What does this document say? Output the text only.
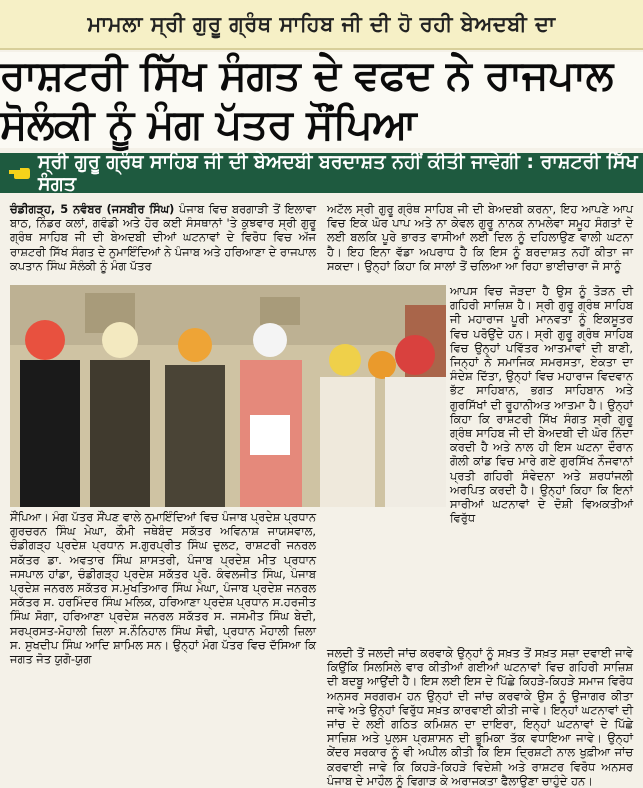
ਮਾਮਲਾ ਸ੍ਰੀ ਗੁਰੂ ਗ੍ਰੰਥ ਸਾਹਿਬ ਜੀ ਦੀ ਹੋ ਰਹੀ ਬੇਅਦਬੀ ਦਾ
ਰਾਸ਼ਟਰੀ ਸਿੱਖ ਸੰਗਤ ਦੇ ਵਫਦ ਨੇ ਰਾਜਪਾਲ ਸੋਲੰਕੀ ਨੂੰ ਮੰਗ ਪੱਤਰ ਸੌਂਪਿਆ
ਸ੍ਰੀ ਗੁਰੂ ਗ੍ਰੰਥ ਸਾਹਿਬ ਜੀ ਦੀ ਬੇਅਦਬੀ ਬਰਦਾਸ਼ਤ ਨਹੀਂ ਕੀਤੀ ਜਾਵੇਗੀ : ਰਾਸ਼ਟਰੀ ਸਿੱਖ ਸੰਗਤ
ਚੰਡੀਗੜ੍ਹ, 5 ਨਵੰਬਰ (ਜਸਬੀਰ ਸਿੰਘ) ਪੰਜਾਬ ਵਿਚ ਬਰਗਾੜੀ ਤੋਂ ਇਲਾਵਾ ਬਾਠ, ਨਿੰਡਰ ਕਲਾਂ, ਗਵੰਡੀ ਅਤੇ ਹੋਰ ਕਈ ਸੰਸਥਾਨਾਂ 'ਤੇ ਕੁਝਵਾਰ ਸ੍ਰੀ ਗੁਰੂ ਗ੍ਰੰਥ ਸਾਹਿਬ ਜੀ ਦੀ ਬੇਅਦਬੀ ਦੀਆਂ ਘਟਨਾਵਾਂ ਦੇ ਵਿਰੋਧ ਵਿਚ ਅੱਜ ਰਾਸ਼ਟਰੀ ਸਿੱਖ ਸੰਗਤ ਦੇ ਨੁਮਾਇੰਦਿਆਂ ਨੇ ਪੰਜਾਬ ਅਤੇ ਹਰਿਆਣਾ ਦੇ ਰਾਜਪਾਲ ਕਪਤਾਨ ਸਿੰਘ ਸੋਲੰਕੀ ਨੂੰ ਮੰਗ ਪੱਤਰ
ਅਟੱਲ ਸ੍ਰੀ ਗੁਰੂ ਗ੍ਰੰਥ ਸਾਹਿਬ ਜੀ ਦੀ ਬੇਅਦਬੀ ਕਰਨਾ, ਇਹ ਆਪਣੇ ਆਪ ਵਿਚ ਇਕ ਘੋਰ ਪਾਪ ਅਤੇ ਨਾ ਕੇਵਲ ਗੁਰੂ ਨਾਨਕ ਨਾਮਲੇਵਾ ਸਮੂਹ ਸੰਗਤਾਂ ਦੇ ਲਈ ਬਲਕਿ ਪੂਰੇ ਭਾਰਤ ਵਾਸੀਆਂ ਲਈ ਦਿਲ ਨੂੰ ਦਹਿਲਾਉਣ ਵਾਲੀ ਘਟਨਾ ਹੈ। ਇਹ ਇਨਾ ਵੱਡਾ ਅਪਰਾਧ ਹੈ ਕਿ ਇਸ ਨੂੰ ਬਰਦਾਸ਼ਤ ਨਹੀਂ ਕੀਤਾ ਜਾ ਸਕਦਾ। ਉਨ੍ਹਾਂ ਕਿਹਾ ਕਿ ਸਾਲਾਂ ਤੋਂ ਚਲਿਆ ਆ ਰਿਹਾ ਭਾਈਚਾਰਾ ਜੋ ਸਾਨੂੰ
ਆਪਸ ਵਿਚ ਜੋੜਦਾ ਹੈ ਉਸ ਨੂੰ ਤੋੜਨ ਦੀ ਗਹਿਰੀ ਸਾਜ਼ਿਸ਼ ਹੈ। ਸ੍ਰੀ ਗੁਰੂ ਗ੍ਰੰਥ ਸਾਹਿਬ ਜੀ ਮਹਾਰਾਜ ਪੂਰੀ ਮਾਨਵਤਾ ਨੂੰ ਇਕਸੂਤਰ ਵਿਚ ਪਰੋਉਂਦੇ ਹਨ। ਸ੍ਰੀ ਗੁਰੂ ਗ੍ਰੰਥ ਸਾਹਿਬ ਵਿਚ ਉਨ੍ਹਾਂ ਪਵਿੱਤਰ ਆਤਮਾਵਾਂ ਦੀ ਬਾਣੀ, ਜਿਨ੍ਹਾਂ ਨੇ ਸਮਾਜਿਕ ਸਮਰਸਤਾ, ਏਕਤਾ ਦਾ ਸੰਦੇਸ਼ ਦਿੱਤਾ, ਉਨ੍ਹਾਂ ਵਿਚ ਮਹਾਰਾਜ ਵਿਦਵਾਨ ਭੱਟ ਸਾਹਿਬਾਨ, ਭਗਤ ਸਾਹਿਬਾਨ ਅਤੇ ਗੁਰਸਿੱਖਾਂ ਦੀ ਰੂਹਾਨੀਅਤ ਆਤਮਾ ਹੈ। ਉਨ੍ਹਾਂ ਕਿਹਾ ਕਿ ਰਾਸ਼ਟਰੀ ਸਿੱਖ ਸੰਗਤ ਸ੍ਰੀ ਗੁਰੂ ਗ੍ਰੰਥ ਸਾਹਿਬ ਜੀ ਦੀ ਬੇਅਦਬੀ ਦੀ ਘੋਰ ਨਿੰਦਾ ਕਰਦੀ ਹੈ ਅਤੇ ਨਾਲ ਹੀ ਇਸ ਘਟਨਾ ਦੌਰਾਨ ਗੋਲੀ ਕਾਂਡ ਵਿਚ ਮਾਰੇ ਗਏ ਗੁਰਸਿੱਖ ਨੌਜਵਾਨਾਂ ਪ੍ਰਤੀ ਗਹਿਰੀ ਸੰਵੇਦਨਾ ਅਤੇ ਸ਼ਰਧਾਂਜਲੀ ਅਰਪਿਤ ਕਰਦੀ ਹੈ। ਉਨ੍ਹਾਂ ਕਿਹਾ ਕਿ ਇਨਾਂ ਸਾਰੀਆਂ ਘਟਨਾਵਾਂ ਦੇ ਦੋਸ਼ੀ ਵਿਅਕਤੀਆਂ ਵਿਰੁੱਧ
ਸੌਂਪਿਆ। ਮੰਗ ਪੱਤਰ ਸੌਂਪਣ ਵਾਲੇ ਨੁਮਾਇੰਦਿਆਂ ਵਿਚ ਪੰਜਾਬ ਪ੍ਰਦੇਸ਼ ਪ੍ਰਧਾਨ ਗੁਰਚਰਨ ਸਿੰਘ ਮੇਘਾ, ਕੌਮੀ ਜਥੇਬੰਦ ਸਕੱਤਰ ਅਵਿਨਾਸ਼ ਜਾਯਸਵਾਲ, ਚੰਡੀਗੜ੍ਹ ਪ੍ਰਦੇਸ਼ ਪ੍ਰਧਾਨ ਸ.ਗੁਰਪ੍ਰੀਤ ਸਿੰਘ ਦੁਲਟ, ਰਾਸ਼ਟਰੀ ਜਨਰਲ ਸਕੱਤਰ ਡਾ. ਅਵਤਾਰ ਸਿੰਘ ਸ਼ਾਸਤਰੀ, ਪੰਜਾਬ ਪ੍ਰਦੇਸ਼ ਮੀਤ ਪ੍ਰਧਾਨ ਜਸਪਾਲ ਹਾਂਡਾ, ਚੰਡੀਗੜ੍ਹ ਪ੍ਰਦੇਸ਼ ਸਕੱਤਰ ਪ੍ਰੋ. ਕੰਵਲਜੀਤ ਸਿੰਘ, ਪੰਜਾਬ ਪ੍ਰਦੇਸ਼ ਜਨਰਲ ਸਕੱਤਰ ਸ.ਮੁਖਤਿਆਰ ਸਿੰਘ ਮੇਘਾ, ਪੰਜਾਬ ਪ੍ਰਦੇਸ਼ ਜਨਰਲ ਸਕੱਤਰ ਸ. ਹਰਮਿੰਦਰ ਸਿੰਘ ਮਲਿਕ, ਹਰਿਆਣਾ ਪ੍ਰਦੇਸ਼ ਪ੍ਰਧਾਨ ਸ.ਹਰਜੀਤ ਸਿੰਘ ਸੋਗਾ, ਹਰਿਆਣਾ ਪ੍ਰਦੇਸ਼ ਜਨਰਲ ਸਕੱਤਰ ਸ. ਜਸਮੀਤ ਸਿੰਘ ਬੇਦੀ, ਸਰਪ੍ਰਸਤ-ਮੋਹਾਲੀ ਜ਼ਿਲਾ ਸ.ਨੌਨਿਹਾਲ ਸਿੰਘ ਸੋਢੀ, ਪ੍ਰਧਾਨ ਮੋਹਾਲੀ ਜ਼ਿਲਾ ਸ. ਸੁਖਦੀਪ ਸਿੰਘ ਆਦਿ ਸ਼ਾਮਿਲ ਸਨ। ਉਨ੍ਹਾਂ ਮੰਗ ਪੱਤਰ ਵਿਚ ਦੱਸਿਆ ਕਿ ਜਗਤ ਜੋਤ ਯੁਗੋ-ਯੁਗ	ਜਲਦੀ ਤੋਂ ਜਲਦੀ ਜਾਂਚ ਕਰਵਾਕੇ ਉਨ੍ਹਾਂ ਨੂੰ ਸਖ਼ਤ ਤੋਂ ਸਖ਼ਤ ਸਜ਼ਾ ਦਵਾਈ ਜਾਵੇ ਕਿਉਂਕਿ ਸਿਲਸਿਲੇ ਵਾਰ ਕੀਤੀਆਂ ਗਈਆਂ ਘਟਨਾਵਾਂ ਵਿਚ ਗਹਿਰੀ ਸਾਜ਼ਿਸ਼ ਦੀ ਬਦਬੂ ਆਉਂਦੀ ਹੈ। ਇਸ ਲਈ ਇਸ ਦੇ ਪਿੱਛੇ ਕਿਹੜੇ-ਕਿਹੜੇ ਸਮਾਜ ਵਿਰੋਧ ਅਨਸਰ ਸਰਗਰਮ ਹਨ ਉਨ੍ਹਾਂ ਦੀ ਜਾਂਚ ਕਰਵਾਕੇ ਉਸ ਨੂੰ ਉਜਾਗਰ ਕੀਤਾ ਜਾਵੇ ਅਤੇ ਉਨ੍ਹਾਂ ਵਿਰੁੱਧ ਸਖ਼ਤ ਕਾਰਵਾਈ ਕੀਤੀ ਜਾਵੇ। ਇਨ੍ਹਾਂ ਘਟਨਾਵਾਂ ਦੀ ਜਾਂਚ ਦੇ ਲਈ ਗਠਿਤ ਕਮਿਸ਼ਨ ਦਾ ਦਾਇਰਾ, ਇਨ੍ਹਾਂ ਘਟਨਾਵਾਂ ਦੇ ਪਿੱਛੇ ਸਾਜ਼ਿਸ਼ ਅਤੇ ਪੁਲਸ ਪ੍ਰਸ਼ਾਸਨ ਦੀ ਭੂਮਿਕਾ ਤੱਕ ਵਧਾਇਆ ਜਾਵੇ। ਉਨ੍ਹਾਂ ਕੇਂਦਰ ਸਰਕਾਰ ਨੂੰ ਵੀ ਅਪੀਲ ਕੀਤੀ ਕਿ ਇਸ ਦ੍ਰਿਸ਼ਟੀ ਨਾਲ ਖੁਫ਼ੀਆ ਜਾਂਚ ਕਰਵਾਈ ਜਾਵੇ ਕਿ ਕਿਹੜੇ-ਕਿਹੜੇ ਵਿਦੇਸ਼ੀ ਅਤੇ ਰਾਸ਼ਟਰ ਵਿਰੋਧ ਅਨਸਰ ਪੰਜਾਬ ਦੇ ਮਾਹੌਲ ਨੂੰ ਵਿਗਾੜ ਕੇ ਅਰਾਜਕਤਾ ਫੈਲਾਉਣਾ ਚਾਹੁੰਦੇ ਹਨ।
